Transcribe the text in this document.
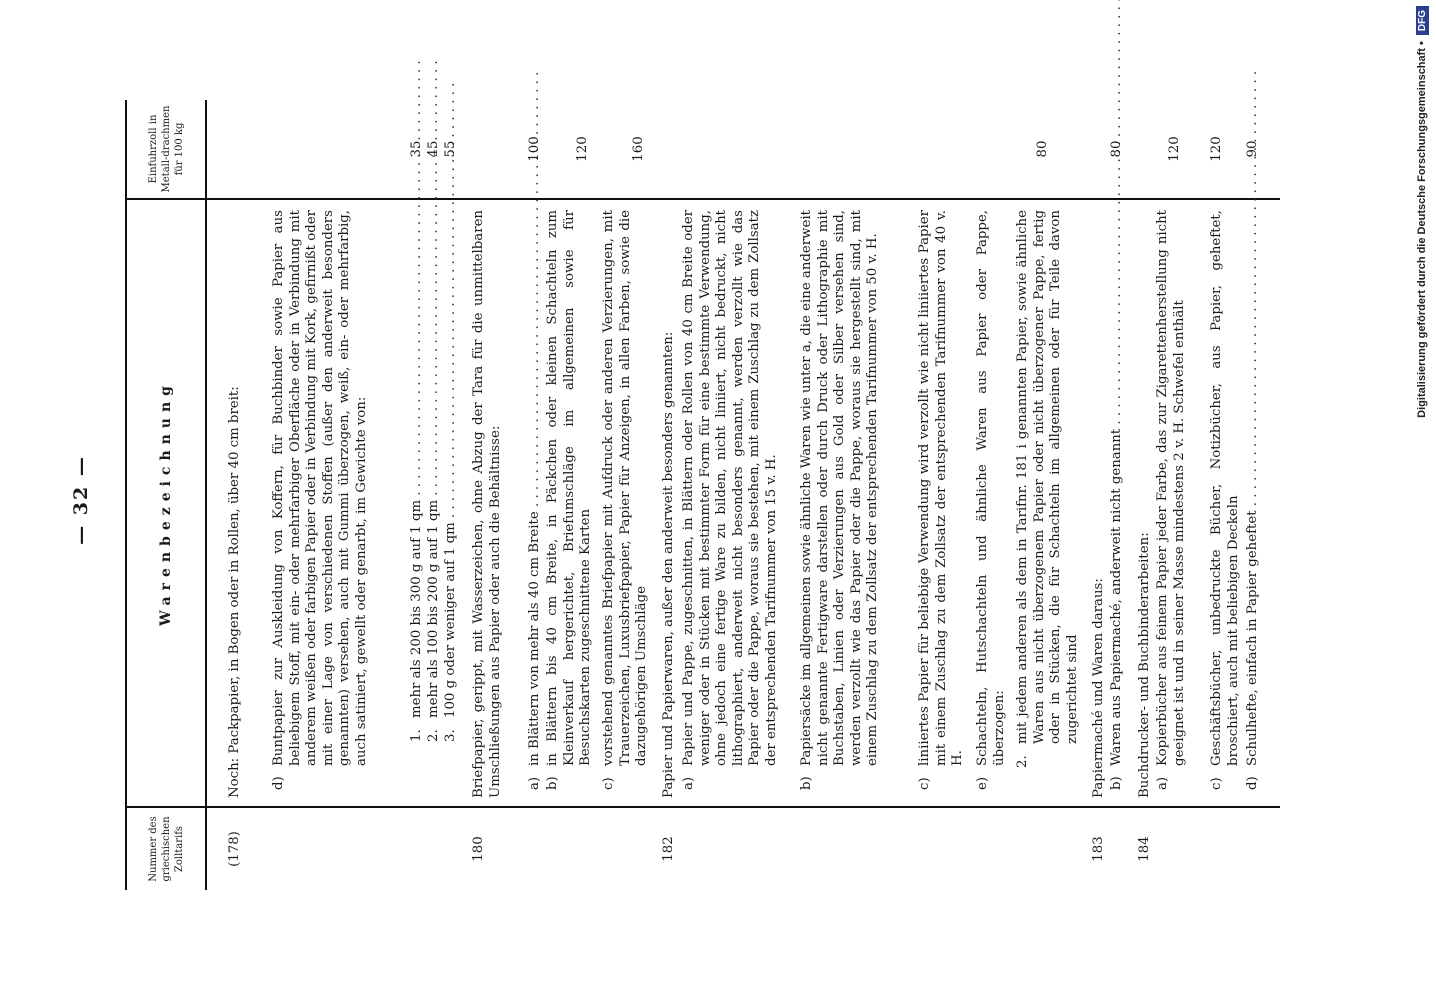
— 32 —
Nummer des griechischen Zolltarifs
Warenbezeichnung
Einfuhrzoll in Metall-drachmen für 100 kg
(178)
Noch: Packpapier, in Bogen oder in Rollen, über 40 cm breit: d)
Buntpapier zur Auskleidung von Koffern, für Buchbinder sowie Papier aus beliebigem Stoff, mit ein- oder mehrfarbiger Oberfläche oder in Verbindung mit anderem weißen oder farbigen Papier oder in Verbindung mit Kork, gefirnißt oder mit einer Lage von verschiedenen Stoffen (außer den anderweit besonders genannten) versehen, auch mit Gummi überzogen, weiß, ein- oder mehrfarbig, auch satiniert, gewellt oder genarbt, im Gewichte von:	1.
mehr als 200 bis 300 g auf 1 qm . . .
35
2.
mehr als 100 bis 200 g auf 1 qm . . .
45
3.
100 g oder weniger auf 1 qm . . .
55
180
Briefpapier, gerippt, mit Wasserzeichen, ohne Abzug der Tara für die unmittelbaren Umschließungen aus Papier oder auch die Behältnisse: a)
in Blättern von mehr als 40 cm Breite . . .
100
b)
in Blättern bis 40 cm Breite, in Päckchen oder kleinen Schachteln zum Kleinverkauf hergerichtet, Briefumschläge im allgemeinen sowie für Besuchskarten zugeschnittene Karten
120
c)
vorstehend genanntes Briefpapier mit Aufdruck oder anderen Verzierungen, mit Trauerzeichen, Luxusbriefpapier, Papier für Anzeigen, in allen Farben, sowie die dazugehörigen Umschläge
160
182
Papier und Papierwaren, außer den anderweit besonders genannten: a)
Papier und Pappe, zugeschnitten, in Blättern oder Rollen von 40 cm Breite oder weniger oder in Stücken mit bestimmter Form für eine bestimmte Verwendung, ohne jedoch eine fertige Ware zu bilden, nicht liniiert, nicht bedruckt, nicht lithographiert, anderweit nicht besonders genannt, werden verzollt wie das Papier oder die Pappe, woraus sie bestehen, mit einem Zuschlag zu dem Zollsatz der entsprechenden Tarifnummer von 15 v. H.
b)
Papiersäcke im allgemeinen sowie ähnliche Waren wie unter a, die eine anderweit nicht genannte Fertigware darstellen oder durch Druck oder Lithographie mit Buchstaben, Linien oder Verzierungen aus Gold oder Silber versehen sind, werden verzollt wie das Papier oder die Pappe, woraus sie hergestellt sind, mit einem Zuschlag zu dem Zollsatz der entsprechenden Tarifnummer von 50 v. H.
c)
liniiertes Papier für beliebige Verwendung wird verzollt wie nicht liniiertes Papier mit einem Zuschlag zu dem Zollsatz der entsprechenden Tarifnummer von 40 v. H.
e)
Schachteln, Hutschachteln und ähnliche Waren aus Papier oder Pappe, überzogen: 2.
mit jedem anderen als dem in Tarifnr. 181 i genannten Papier, sowie ähnliche Waren aus nicht überzogenem Papier oder nicht überzogener Pappe, fertig oder in Stücken, die für Schachteln im allgemeinen oder für Teile davon zugerichtet sind
80
183
Papiermaché und Waren daraus: b)
Waren aus Papiermaché, anderweit nicht genannt . . .
80
184
Buchdrucker- und Buchbinderarbeiten: a)
Kopierbücher aus feinem Papier jeder Farbe, das zur Zigarettenherstellung nicht geeignet ist und in seiner Masse mindestens 2 v. H. Schwefel enthält
120
c)
Geschäftsbücher, unbedruckte Bücher, Notizbücher, aus Papier, geheftet, broschiert, auch mit beliebigen Deckeln
120
d)
Schulhefte, einfach in Papier geheftet . . .
90	Digitalisierung gefördert durch die Deutsche Forschungsgemeinschaft •
DFG
